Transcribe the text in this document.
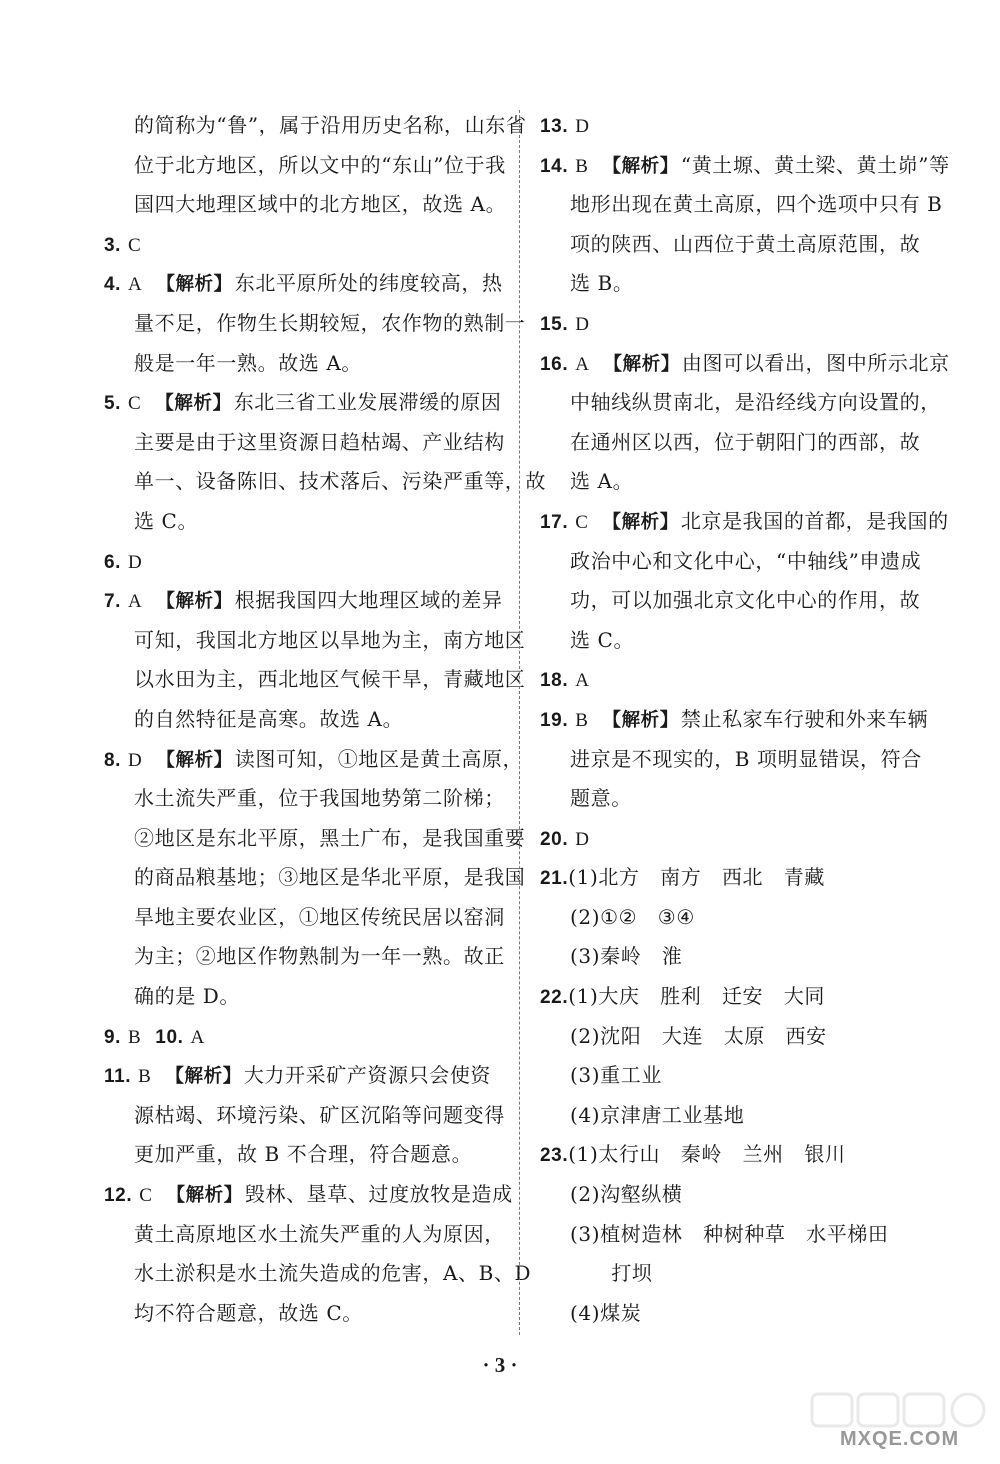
的简称为“鲁”，属于沿用历史名称，山东省
位于北方地区，所以文中的“东山”位于我
国四大地理区域中的北方地区，故选 A。
3. C
4. A 【解析】 东北平原所处的纬度较高，热
量不足，作物生长期较短，农作物的熟制一
般是一年一熟。故选 A。
5. C 【解析】 东北三省工业发展滞缓的原因
主要是由于这里资源日趋枯竭、产业结构
单一、设备陈旧、技术落后、污染严重等，故
选 C。
6. D
7. A 【解析】 根据我国四大地理区域的差异
可知，我国北方地区以旱地为主，南方地区
以水田为主，西北地区气候干旱，青藏地区
的自然特征是高寒。故选 A。
8. D 【解析】 读图可知，①地区是黄土高原，
水土流失严重，位于我国地势第二阶梯；
②地区是东北平原，黑土广布，是我国重要
的商品粮基地；③地区是华北平原，是我国
旱地主要农业区，①地区传统民居以窑洞
为主；②地区作物熟制为一年一熟。故正
确的是 D。
9. B 10. A
11. B 【解析】 大力开采矿产资源只会使资
源枯竭、环境污染、矿区沉陷等问题变得
更加严重，故 B 不合理，符合题意。
12. C 【解析】 毁林、垦草、过度放牧是造成
黄土高原地区水土流失严重的人为原因，
水土淤积是水土流失造成的危害，A、B、D
均不符合题意，故选 C。
13. D
14. B 【解析】 “黄土塬、黄土梁、黄土峁”等
地形出现在黄土高原，四个选项中只有 B
项的陕西、山西位于黄土高原范围，故
选 B。
15. D
16. A 【解析】 由图可以看出，图中所示北京
中轴线纵贯南北，是沿经线方向设置的，
在通州区以西，位于朝阳门的西部，故
选 A。
17. C 【解析】 北京是我国的首都，是我国的
政治中心和文化中心，“中轴线”申遗成
功，可以加强北京文化中心的作用，故
选 C。
18. A
19. B 【解析】 禁止私家车行驶和外来车辆
进京是不现实的，B 项明显错误，符合
题意。
20. D
21.(1)北方　南方　西北　青藏
(2)①②　③④
(3)秦岭　淮
22.(1)大庆　胜利　迁安　大同
(2)沈阳　大连　太原　西安
(3)重工业
(4)京津唐工业基地
23.(1)太行山　秦岭　兰州　银川
(2)沟壑纵横
(3)植树造林　种树种草　水平梯田
　　打坝
(4)煤炭
· 3 ·
MXQE.COM
